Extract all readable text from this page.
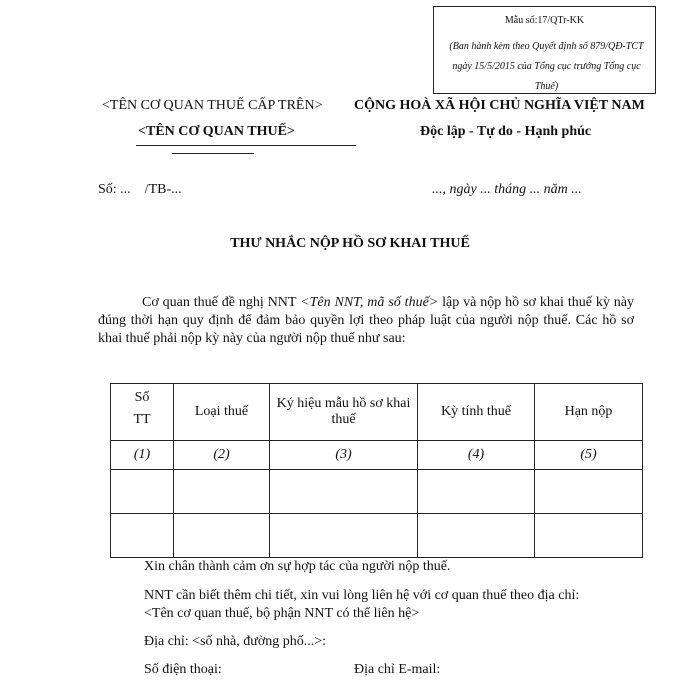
Mẫu số:17/QTr-KK
(Ban hành kèm theo Quyết định số 879/QĐ-TCT ngày 15/5/2015 của Tổng cục trưởng Tổng cục Thuế)
<TÊN CƠ QUAN THUẾ CẤP TRÊN>
<TÊN CƠ QUAN THUẾ>
CỘNG HOÀ XÃ HỘI CHỦ NGHĨA VIỆT NAM
Độc lập - Tự do - Hạnh phúc
Số: ...    /TB-...	..., ngày ... tháng ... năm ...
THƯ NHẮC NỘP HỒ SƠ KHAI THUẾ
Cơ quan thuế đề nghị NNT <Tên NNT, mã số thuế> lập và nộp hồ sơ khai thuế kỳ này đúng thời hạn quy định để đảm bảo quyền lợi theo pháp luật của người nộp thuế. Các hồ sơ khai thuế phải nộp kỳ này của người nộp thuế như sau:
Số
TT	Loại thuế	Ký hiệu mẫu hồ sơ khai thuế	Kỳ tính thuế	Hạn nộp
(1)	(2)	(3)	(4)	(5)

Xin chân thành cảm ơn sự hợp tác của người nộp thuế.
NNT cần biết thêm chi tiết, xin vui lòng liên hệ với cơ quan thuế theo địa chỉ:
<Tên cơ quan thuế, bộ phận NNT có thể liên hệ>
Địa chỉ: <số nhà, đường phố...>:
Số điện thoại:	Địa chỉ E-mail:
